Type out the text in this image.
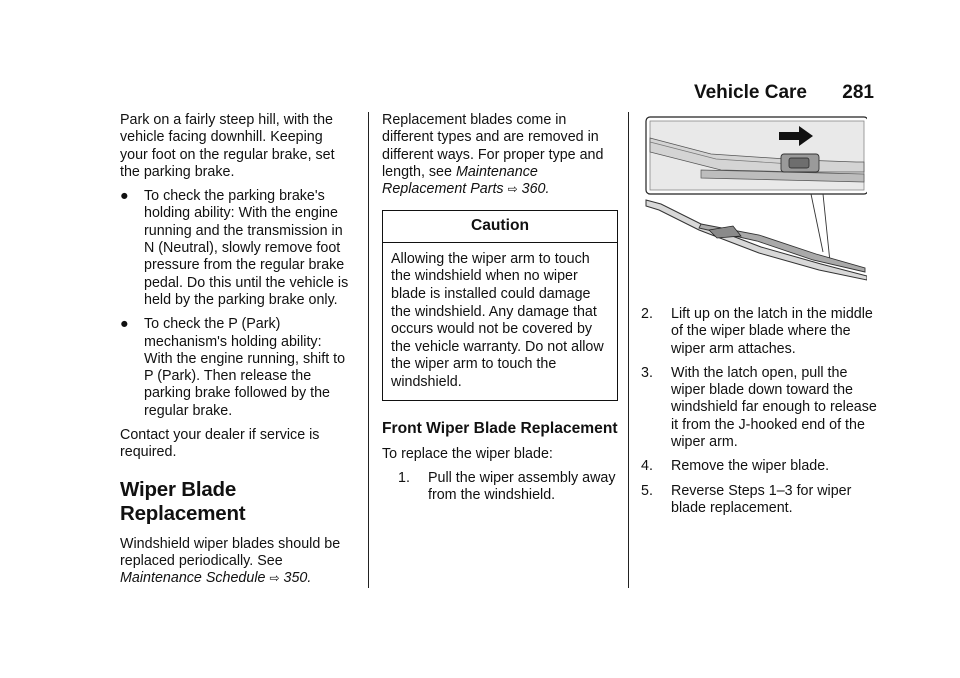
Vehicle Care 281

Park on a fairly steep hill, with the vehicle facing downhill. Keeping your foot on the regular brake, set the parking brake.

● To check the parking brake's holding ability: With the engine running and the transmission in N (Neutral), slowly remove foot pressure from the regular brake pedal. Do this until the vehicle is held by the parking brake only.
● To check the P (Park) mechanism's holding ability: With the engine running, shift to P (Park). Then release the parking brake followed by the regular brake.

Contact your dealer if service is required.

Wiper Blade Replacement

Windshield wiper blades should be replaced periodically. See Maintenance Schedule ⇨ 350.

Replacement blades come in different types and are removed in different ways. For proper type and length, see Maintenance Replacement Parts ⇨ 360.

Caution
Allowing the wiper arm to touch the windshield when no wiper blade is installed could damage the windshield. Any damage that occurs would not be covered by the vehicle warranty. Do not allow the wiper arm to touch the windshield.
Front Wiper Blade Replacement

To replace the wiper blade:

1. Pull the wiper assembly away from the windshield.
2. Lift up on the latch in the middle of the wiper blade where the wiper arm attaches.
3. With the latch open, pull the wiper blade down toward the windshield far enough to release it from the J-hooked end of the wiper arm.
4. Remove the wiper blade.
5. Reverse Steps 1–3 for wiper blade replacement.
